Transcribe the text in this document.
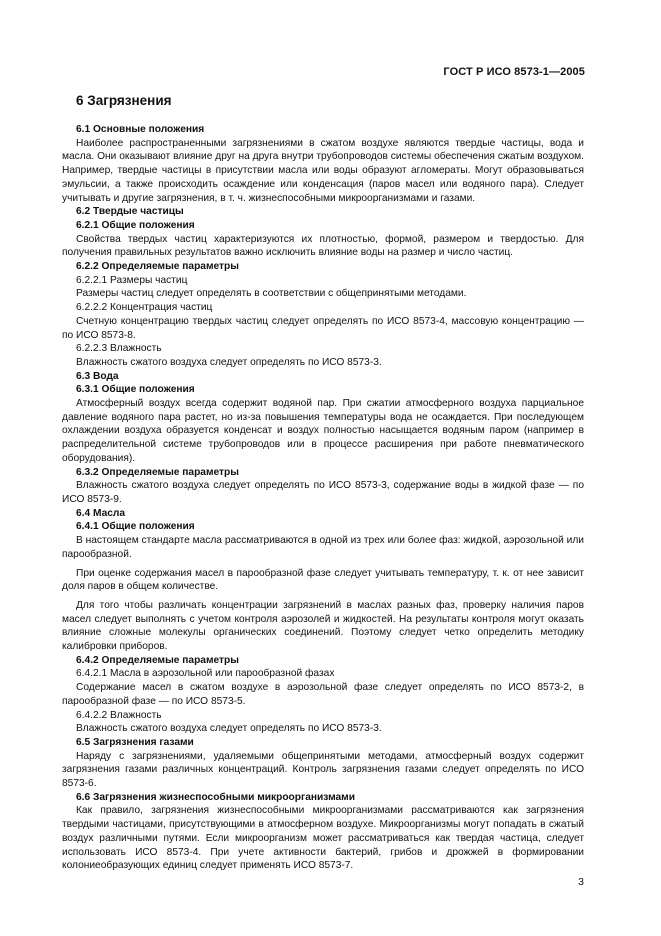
ГОСТ Р ИСО 8573-1—2005
6 Загрязнения
6.1 Основные положения
Наиболее распространенными загрязнениями в сжатом воздухе являются твердые частицы, вода и масла. Они оказывают влияние друг на друга внутри трубопроводов системы обеспечения сжатым воздухом. Например, твердые частицы в присутствии масла или воды образуют агломераты. Могут образовываться эмульсии, а также происходить осаждение или конденсация (паров масел или водяного пара). Следует учитывать и другие загрязнения, в т. ч. жизнеспособными микроорганизмами и газами.
6.2 Твердые частицы
6.2.1 Общие положения
Свойства твердых частиц характеризуются их плотностью, формой, размером и твердостью. Для получения правильных результатов важно исключить влияние воды на размер и число частиц.
6.2.2 Определяемые параметры
6.2.2.1 Размеры частиц
Размеры частиц следует определять в соответствии с общепринятыми методами.
6.2.2.2 Концентрация частиц
Счетную концентрацию твердых частиц следует определять по ИСО 8573-4, массовую концентрацию — по ИСО 8573-8.
6.2.2.3 Влажность
Влажность сжатого воздуха следует определять по ИСО 8573-3.
6.3 Вода
6.3.1 Общие положения
Атмосферный воздух всегда содержит водяной пар. При сжатии атмосферного воздуха парциальное давление водяного пара растет, но из-за повышения температуры вода не осаждается. При последующем охлаждении воздуха образуется конденсат и воздух полностью насыщается водяным паром (например в распределительной системе трубопроводов или в процессе расширения при работе пневматического оборудования).
6.3.2 Определяемые параметры
Влажность сжатого воздуха следует определять по ИСО 8573-3, содержание воды в жидкой фазе — по ИСО 8573-9.
6.4 Масла
6.4.1 Общие положения
В настоящем стандарте масла рассматриваются в одной из трех или более фаз: жидкой, аэрозольной или парообразной.
При оценке содержания масел в парообразной фазе следует учитывать температуру, т. к. от нее зависит доля паров в общем количестве.
Для того чтобы различать концентрации загрязнений в маслах разных фаз, проверку наличия паров масел следует выполнять с учетом контроля аэрозолей и жидкостей. На результаты контроля могут оказать влияние сложные молекулы органических соединений. Поэтому следует четко определить методику калибровки приборов.
6.4.2 Определяемые параметры
6.4.2.1 Масла в аэрозольной или парообразной фазах
Содержание масел в сжатом воздухе в аэрозольной фазе следует определять по ИСО 8573-2, в парообразной фазе — по ИСО 8573-5.
6.4.2.2 Влажность
Влажность сжатого воздуха следует определять по ИСО 8573-3.
6.5 Загрязнения газами
Наряду с загрязнениями, удаляемыми общепринятыми методами, атмосферный воздух содержит загрязнения газами различных концентраций. Контроль загрязнения газами следует определять по ИСО 8573-6.
6.6 Загрязнения жизнеспособными микроорганизмами
Как правило, загрязнения жизнеспособными микроорганизмами рассматриваются как загрязнения твердыми частицами, присутствующими в атмосферном воздухе. Микроорганизмы могут попадать в сжатый воздух различными путями. Если микроорганизм может рассматриваться как твердая частица, следует использовать ИСО 8573-4. При учете активности бактерий, грибов и дрожжей в формировании колониеобразующих единиц следует применять ИСО 8573-7.
3
